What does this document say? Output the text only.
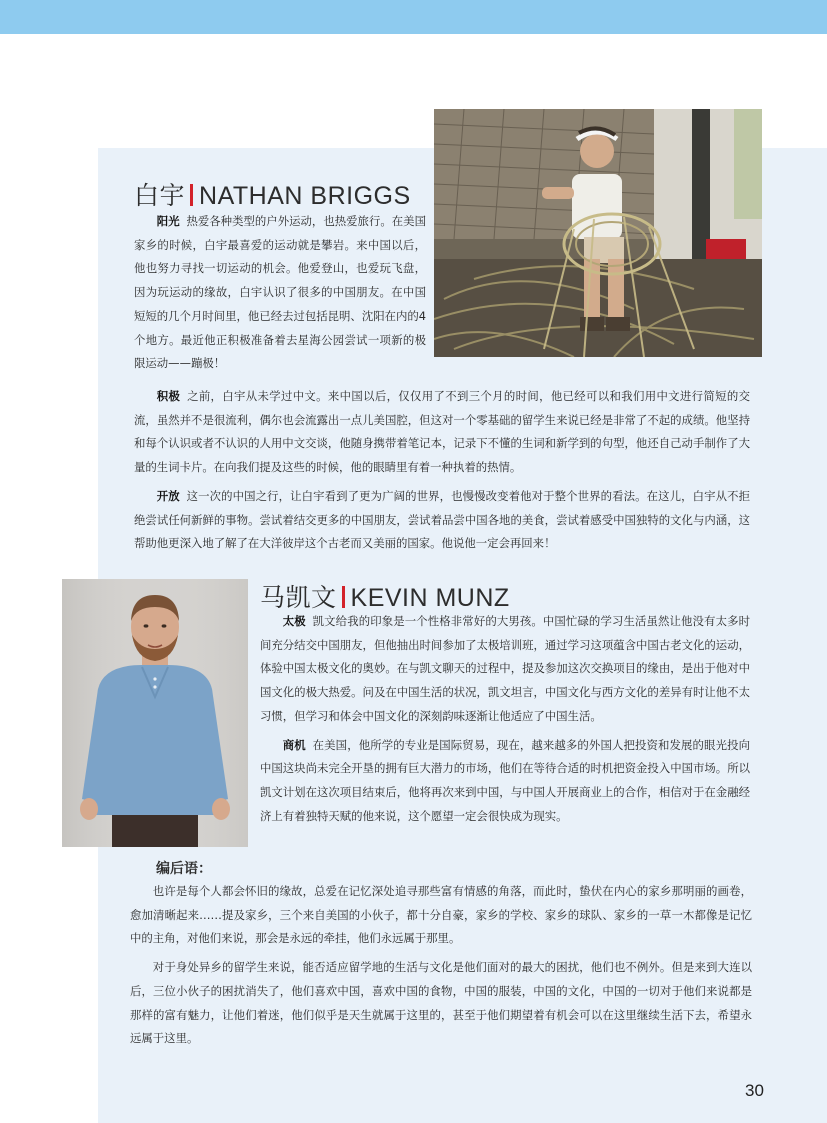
白宇 NATHAN BRIGGS

阳光 热爱各种类型的户外运动，也热爱旅行。在美国家乡的时候，白宇最喜爱的运动就是攀岩。来中国以后，他也努力寻找一切运动的机会。他爱登山，也爱玩飞盘，因为玩运动的缘故，白宇认识了很多的中国朋友。在中国短短的几个月时间里，他已经去过包括昆明、沈阳在内的4个地方。最近他正积极准备着去星海公园尝试一项新的极限运动——蹦极！

积极 之前，白宇从未学过中文。来中国以后，仅仅用了不到三个月的时间，他已经可以和我们用中文进行简短的交流，虽然并不是很流利，偶尔也会流露出一点儿美国腔，但这对一个零基础的留学生来说已经是非常了不起的成绩。他坚持和每个认识或者不认识的人用中文交谈，他随身携带着笔记本，记录下不懂的生词和新学到的句型，他还自己动手制作了大量的生词卡片。在向我们提及这些的时候，他的眼睛里有着一种执着的热情。

开放 这一次的中国之行，让白宇看到了更为广阔的世界，也慢慢改变着他对于整个世界的看法。在这儿，白宇从不拒绝尝试任何新鲜的事物。尝试着结交更多的中国朋友，尝试着品尝中国各地的美食，尝试着感受中国独特的文化与内涵，这帮助他更深入地了解了在大洋彼岸这个古老而又美丽的国家。他说他一定会再回来！

马凯文 KEVIN MUNZ

太极 凯文给我的印象是一个性格非常好的大男孩。中国忙碌的学习生活虽然让他没有太多时间充分结交中国朋友，但他抽出时间参加了太极培训班，通过学习这项蕴含中国古老文化的运动，体验中国太极文化的奥妙。在与凯文聊天的过程中，提及参加这次交换项目的缘由，是出于他对中国文化的极大热爱。问及在中国生活的状况，凯文坦言，中国文化与西方文化的差异有时让他不太习惯，但学习和体会中国文化的深刻韵味逐渐让他适应了中国生活。

商机 在美国，他所学的专业是国际贸易，现在，越来越多的外国人把投资和发展的眼光投向中国这块尚未完全开垦的拥有巨大潜力的市场，他们在等待合适的时机把资金投入中国市场。所以凯文计划在这次项目结束后，他将再次来到中国，与中国人开展商业上的合作，相信对于在金融经济上有着独特天赋的他来说，这个愿望一定会很快成为现实。

编后语：

也许是每个人都会怀旧的缘故，总爱在记忆深处追寻那些富有情感的角落，而此时，蛰伏在内心的家乡那明丽的画卷，愈加清晰起来……提及家乡，三个来自美国的小伙子，都十分自豪，家乡的学校、家乡的球队、家乡的一草一木都像是记忆中的主角，对他们来说，那会是永远的牵挂，他们永远属于那里。

对于身处异乡的留学生来说，能否适应留学地的生活与文化是他们面对的最大的困扰，他们也不例外。但是来到大连以后，三位小伙子的困扰消失了，他们喜欢中国，喜欢中国的食物，中国的服装，中国的文化，中国的一切对于他们来说都是那样的富有魅力，让他们着迷，他们似乎是天生就属于这里的，甚至于他们期望着有机会可以在这里继续生活下去，希望永远属于这里。

30
